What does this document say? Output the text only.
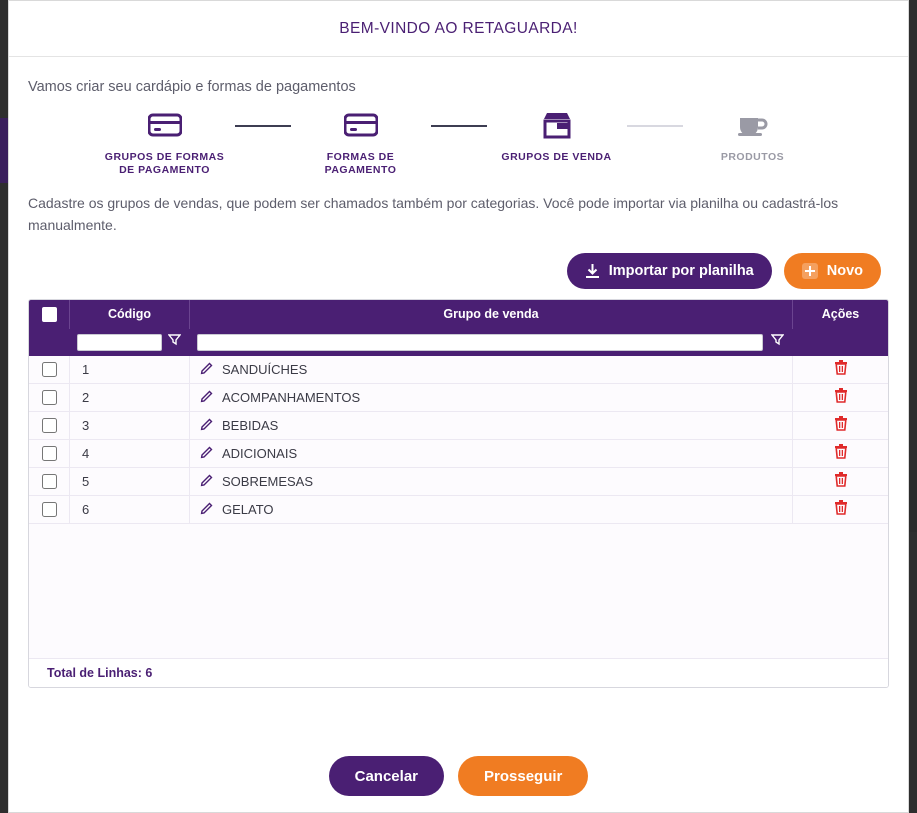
BEM-VINDO AO RETAGUARDA!
Vamos criar seu cardápio e formas de pagamentos
GRUPOS DE FORMAS DE PAGAMENTO
FORMAS DE PAGAMENTO
GRUPOS DE VENDA	PRODUTOS
Cadastre os grupos de vendas, que podem ser chamados também por categorias. Você pode importar via planilha ou cadastrá-los manualmente.
Importar por planilha	Novo
Código	Grupo de venda	Ações
1	SANDUÍCHES
2	ACOMPANHAMENTOS
3	BEBIDAS
4	ADICIONAIS
5	SOBREMESAS
6	GELATO
Total de Linhas: 6
Cancelar	Prosseguir
